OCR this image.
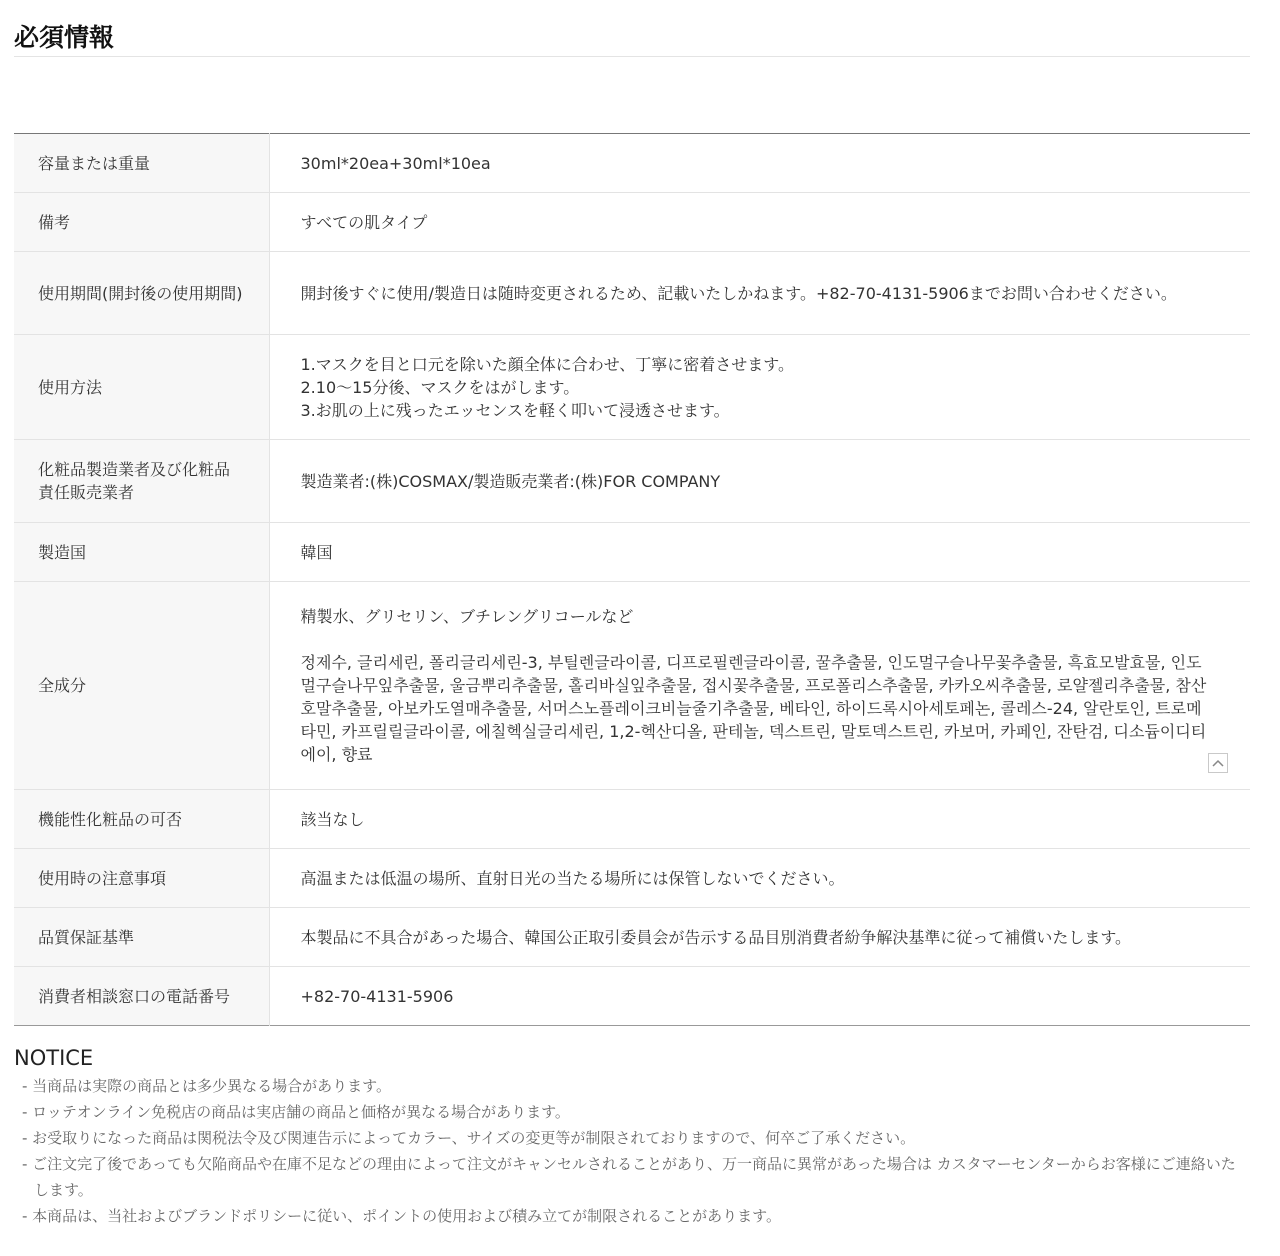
必須情報
容量または重量	30ml*20ea+30ml*10ea
備考	すべての肌タイプ
使用期間(開封後の使用期間)	開封後すぐに使用/製造日は随時変更されるため、記載いたしかねます。+82-70-4131-5906までお問い合わせください。
使用方法	1.マスクを目と口元を除いた顔全体に合わせ、丁寧に密着させます。
2.10〜15分後、マスクをはがします。
3.お肌の上に残ったエッセンスを軽く叩いて浸透させます。
化粧品製造業者及び化粧品責任販売業者	製造業者:(株)COSMAX/製造販売業者:(株)FOR COMPANY
製造国	韓国
全成分	精製水、グリセリン、ブチレングリコールなど

정제수, 글리세린, 폴리글리세린-3, 부틸렌글라이콜, 디프로필렌글라이콜, 꿀추출물, 인도멀구슬나무꽃추출물, 흑효모발효물, 인도멀구슬나무잎추출물, 울금뿌리추출물, 홀리바실잎추출물, 접시꽃추출물, 프로폴리스추출물, 카카오씨추출물, 로얄젤리추출물, 참산호말추출물, 아보카도열매추출물, 서머스노플레이크비늘줄기추출물, 베타인, 하이드록시아세토페논, 콜레스-24, 알란토인, 트로메타민, 카프릴릴글라이콜, 에칠헥실글리세린, 1,2-헥산디올, 판테놀, 덱스트린, 말토덱스트린, 카보머, 카페인, 잔탄검, 디소듐이디티에이, 향료

機能性化粧品の可否	該当なし
使用時の注意事項	高温または低温の場所、直射日光の当たる場所には保管しないでください。
品質保証基準	本製品に不具合があった場合、韓国公正取引委員会が告示する品目別消費者紛争解決基準に従って補償いたします。
消費者相談窓口の電話番号	+82-70-4131-5906
NOTICE
- 当商品は実際の商品とは多少異なる場合があります。
- ロッテオンライン免税店の商品は実店舗の商品と価格が異なる場合があります。
- お受取りになった商品は関税法令及び関連告示によってカラー、サイズの変更等が制限されておりますので、何卒ご了承ください。
- ご注文完了後であっても欠陥商品や在庫不足などの理由によって注文がキャンセルされることがあり、万一商品に異常があった場合は カスタマーセンターからお客様にご連絡いたします。
- 本商品は、当社およびブランドポリシーに従い、ポイントの使用および積み立てが制限されることがあります。
